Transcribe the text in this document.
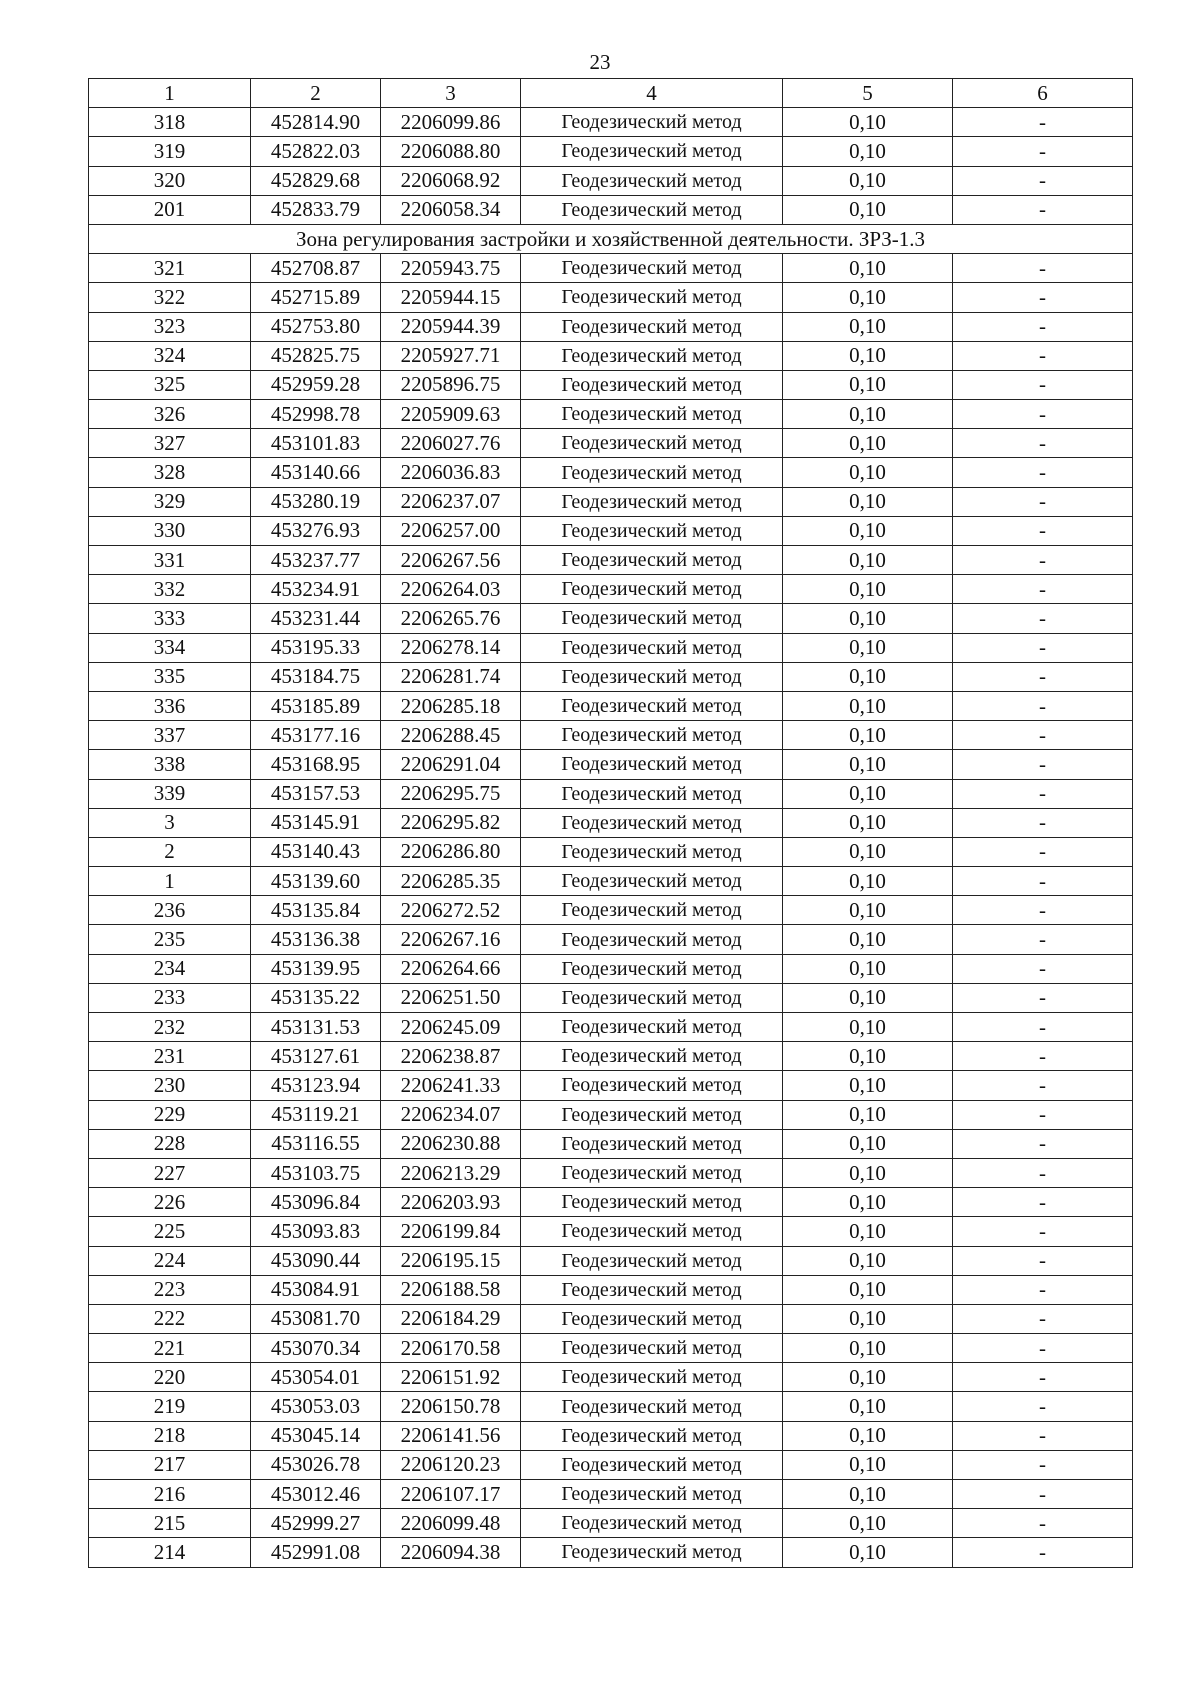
23
1	2	3	4	5	6
318	452814.90	2206099.86	Геодезический метод	0,10	-
319	452822.03	2206088.80	Геодезический метод	0,10	-
320	452829.68	2206068.92	Геодезический метод	0,10	-
201	452833.79	2206058.34	Геодезический метод	0,10	-
Зона регулирования застройки и хозяйственной деятельности. ЗРЗ-1.3					
321	452708.87	2205943.75	Геодезический метод	0,10	-
322	452715.89	2205944.15	Геодезический метод	0,10	-
323	452753.80	2205944.39	Геодезический метод	0,10	-
324	452825.75	2205927.71	Геодезический метод	0,10	-
325	452959.28	2205896.75	Геодезический метод	0,10	-
326	452998.78	2205909.63	Геодезический метод	0,10	-
327	453101.83	2206027.76	Геодезический метод	0,10	-
328	453140.66	2206036.83	Геодезический метод	0,10	-
329	453280.19	2206237.07	Геодезический метод	0,10	-
330	453276.93	2206257.00	Геодезический метод	0,10	-
331	453237.77	2206267.56	Геодезический метод	0,10	-
332	453234.91	2206264.03	Геодезический метод	0,10	-
333	453231.44	2206265.76	Геодезический метод	0,10	-
334	453195.33	2206278.14	Геодезический метод	0,10	-
335	453184.75	2206281.74	Геодезический метод	0,10	-
336	453185.89	2206285.18	Геодезический метод	0,10	-
337	453177.16	2206288.45	Геодезический метод	0,10	-
338	453168.95	2206291.04	Геодезический метод	0,10	-
339	453157.53	2206295.75	Геодезический метод	0,10	-
3	453145.91	2206295.82	Геодезический метод	0,10	-
2	453140.43	2206286.80	Геодезический метод	0,10	-
1	453139.60	2206285.35	Геодезический метод	0,10	-
236	453135.84	2206272.52	Геодезический метод	0,10	-
235	453136.38	2206267.16	Геодезический метод	0,10	-
234	453139.95	2206264.66	Геодезический метод	0,10	-
233	453135.22	2206251.50	Геодезический метод	0,10	-
232	453131.53	2206245.09	Геодезический метод	0,10	-
231	453127.61	2206238.87	Геодезический метод	0,10	-
230	453123.94	2206241.33	Геодезический метод	0,10	-
229	453119.21	2206234.07	Геодезический метод	0,10	-
228	453116.55	2206230.88	Геодезический метод	0,10	-
227	453103.75	2206213.29	Геодезический метод	0,10	-
226	453096.84	2206203.93	Геодезический метод	0,10	-
225	453093.83	2206199.84	Геодезический метод	0,10	-
224	453090.44	2206195.15	Геодезический метод	0,10	-
223	453084.91	2206188.58	Геодезический метод	0,10	-
222	453081.70	2206184.29	Геодезический метод	0,10	-
221	453070.34	2206170.58	Геодезический метод	0,10	-
220	453054.01	2206151.92	Геодезический метод	0,10	-
219	453053.03	2206150.78	Геодезический метод	0,10	-
218	453045.14	2206141.56	Геодезический метод	0,10	-
217	453026.78	2206120.23	Геодезический метод	0,10	-
216	453012.46	2206107.17	Геодезический метод	0,10	-
215	452999.27	2206099.48	Геодезический метод	0,10	-
214	452991.08	2206094.38	Геодезический метод	0,10	-
